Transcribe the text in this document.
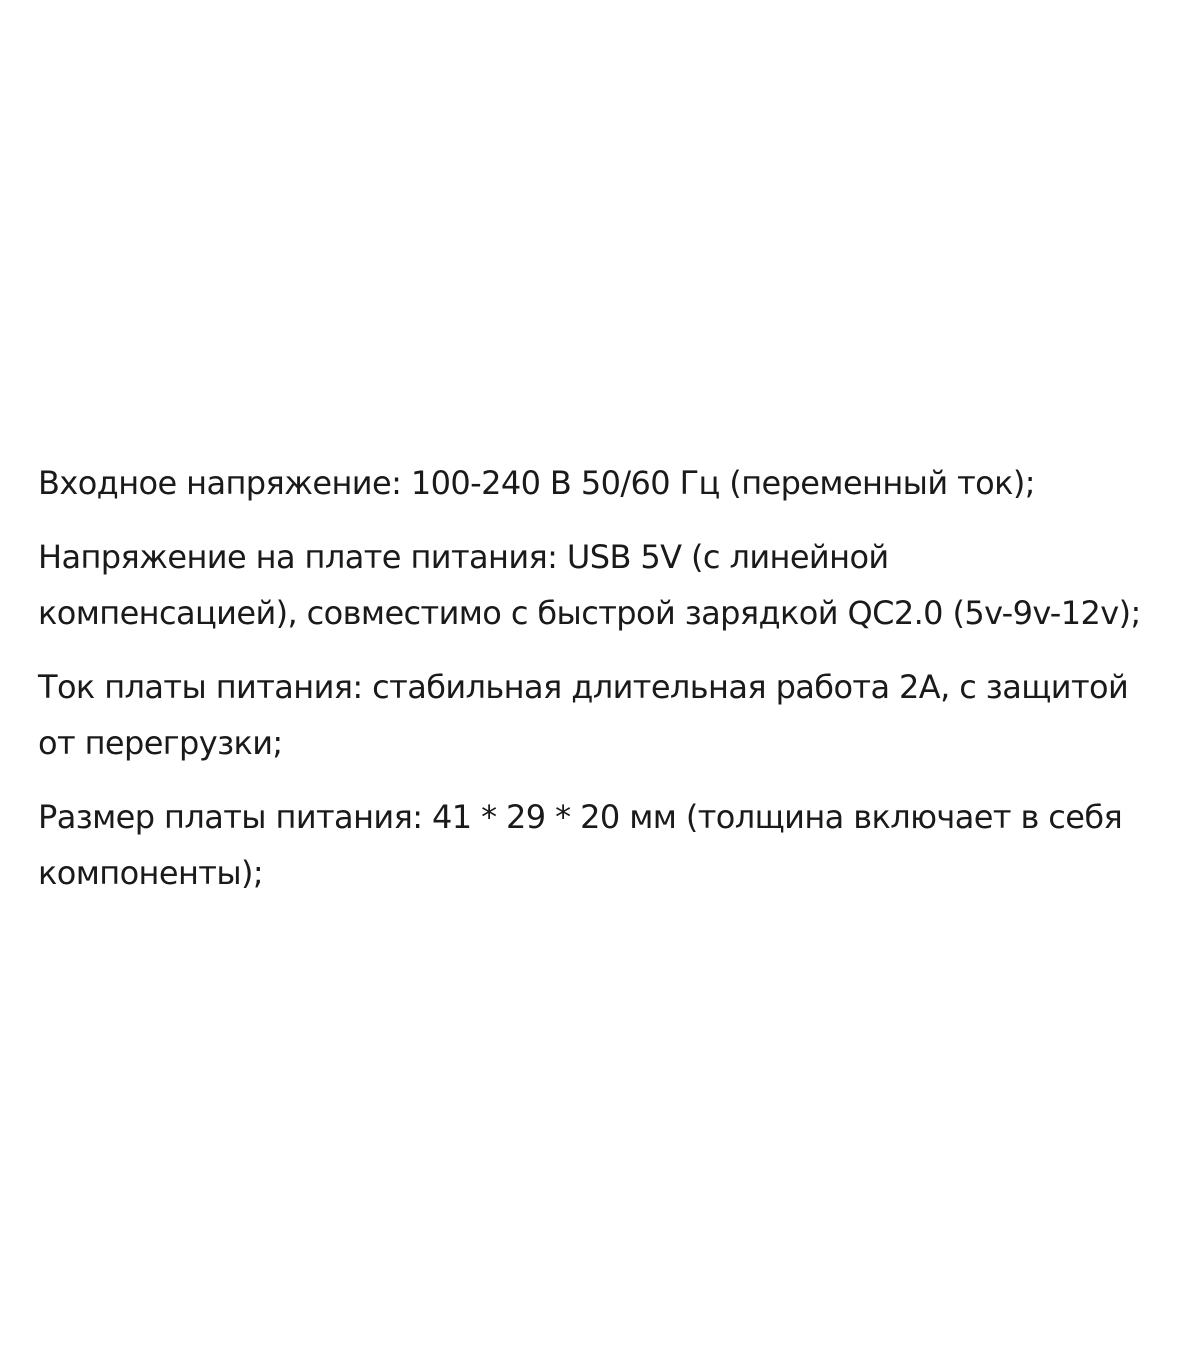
Входное напряжение: 100-240 В 50/60 Гц (переменный ток);

Напряжение на плате питания: USB 5V (с линейной
компенсацией), совместимо с быстрой зарядкой QC2.0 (5v-9v-12v);

Ток платы питания: стабильная длительная работа 2А, с защитой
от перегрузки;

Размер платы питания: 41 * 29 * 20 мм (толщина включает в себя
компоненты);
